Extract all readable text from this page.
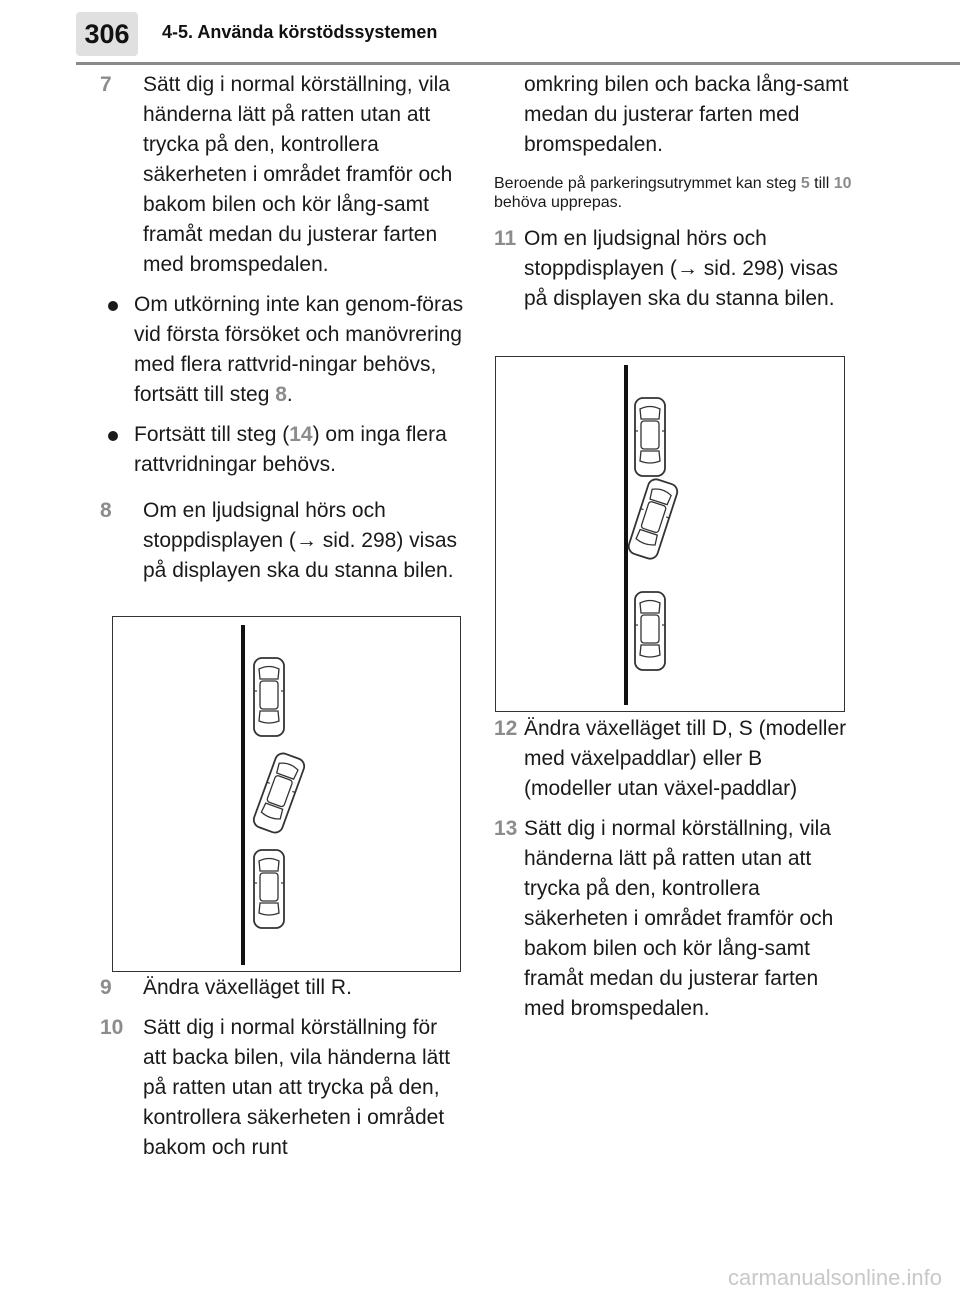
306	4-5. Använda körstödssystemen
7 Sätt dig i normal körställning, vila händerna lätt på ratten utan att trycka på den, kontrollera säkerheten i området framför och bakom bilen och kör lång-samt framåt medan du justerar farten med bromspedalen.
Om utkörning inte kan genom-föras vid första försöket och manövrering med flera rattvrid-ningar behövs, fortsätt till steg 8.
Fortsätt till steg (14) om inga flera rattvridningar behövs.
8 Om en ljudsignal hörs och stoppdisplayen (→ sid. 298) visas på displayen ska du stanna bilen.
9 Ändra växelläget till R.
10 Sätt dig i normal körställning för att backa bilen, vila händerna lätt på ratten utan att trycka på den, kontrollera säkerheten i området bakom och runt
omkring bilen och backa lång-samt medan du justerar farten med bromspedalen.
Beroende på parkeringsutrymmet kan steg 5 till 10 behöva upprepas.
11 Om en ljudsignal hörs och stoppdisplayen (→ sid. 298) visas på displayen ska du stanna bilen.
12 Ändra växelläget till D, S (modeller med växelpaddlar) eller B (modeller utan växel-paddlar)
13 Sätt dig i normal körställning, vila händerna lätt på ratten utan att trycka på den, kontrollera säkerheten i området framför och bakom bilen och kör lång-samt framåt medan du justerar farten med bromspedalen.
carmanualsonline.info
